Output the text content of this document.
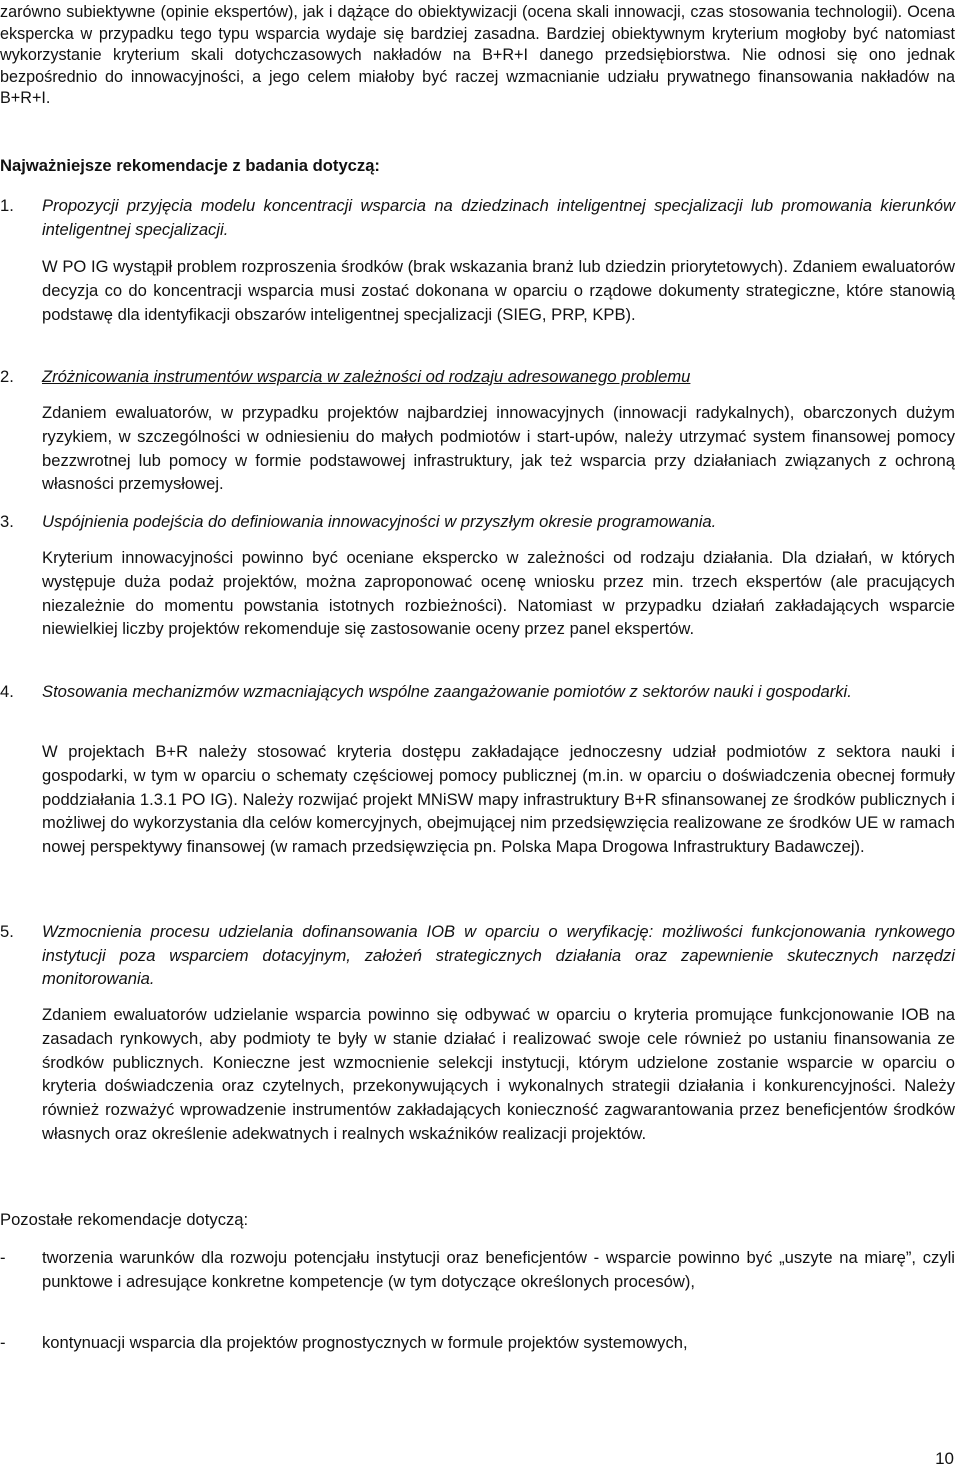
zarówno subiektywne (opinie ekspertów), jak i dążące do obiektywizacji (ocena skali innowacji, czas stosowania technologii). Ocena ekspercka w przypadku tego typu wsparcia wydaje się bardziej zasadna. Bardziej obiektywnym kryterium mogłoby być natomiast wykorzystanie kryterium skali dotychczasowych nakładów na B+R+I danego przedsiębiorstwa. Nie odnosi się ono jednak bezpośrednio do innowacyjności, a jego celem miałoby być raczej wzmacnianie udziału prywatnego finansowania nakładów na B+R+I.

Najważniejsze rekomendacje z badania dotyczą:

1. Propozycji przyjęcia modelu koncentracji wsparcia na dziedzinach inteligentnej specjalizacji lub promowania kierunków inteligentnej specjalizacji.

W PO IG wystąpił problem rozproszenia środków (brak wskazania branż lub dziedzin priorytetowych). Zdaniem ewaluatorów decyzja co do koncentracji wsparcia musi zostać dokonana w oparciu o rządowe dokumenty strategiczne, które stanowią podstawę dla identyfikacji obszarów inteligentnej specjalizacji (SIEG, PRP, KPB).

2. Zróżnicowania instrumentów wsparcia w zależności od rodzaju adresowanego problemu

Zdaniem ewaluatorów, w przypadku projektów najbardziej innowacyjnych (innowacji radykalnych), obarczonych dużym ryzykiem, w szczególności w odniesieniu do małych podmiotów i start-upów, należy utrzymać system finansowej pomocy bezzwrotnej lub pomocy w formie podstawowej infrastruktury, jak też wsparcia przy działaniach związanych z ochroną własności przemysłowej.

3. Uspójnienia podejścia do definiowania innowacyjności w przyszłym okresie programowania.

Kryterium innowacyjności powinno być oceniane eksperckо w zależności od rodzaju działania. Dla działań, w których występuje duża podaż projektów, można zaproponować ocenę wniosku przez min. trzech ekspertów (ale pracujących niezależnie do momentu powstania istotnych rozbieżności). Natomiast w przypadku działań zakładających wsparcie niewielkiej liczby projektów rekomenduje się zastosowanie oceny przez panel ekspertów.

4. Stosowania mechanizmów wzmacniających wspólne zaangażowanie pomiotów z sektorów nauki i gospodarki.

W projektach B+R należy stosować kryteria dostępu zakładające jednoczesny udział podmiotów z sektora nauki i gospodarki, w tym w oparciu o schematy częściowej pomocy publicznej (m.in. w oparciu o doświadczenia obecnej formuły poddziałania 1.3.1 PO IG). Należy rozwijać projekt MNiSW mapy infrastruktury B+R sfinansowanej ze środków publicznych i możliwej do wykorzystania dla celów komercyjnych, obejmującej nim przedsięwzięcia realizowane ze środków UE w ramach nowej perspektywy finansowej (w ramach przedsięwzięcia pn. Polska Mapa Drogowa Infrastruktury Badawczej).

5. Wzmocnienia procesu udzielania dofinansowania IOB w oparciu o weryfikację: możliwości funkcjonowania rynkowego instytucji poza wsparciem dotacyjnym, założeń strategicznych działania oraz zapewnienie skutecznych narzędzi monitorowania.

Zdaniem ewaluatorów udzielanie wsparcia powinno się odbywać w oparciu o kryteria promujące funkcjonowanie IOB na zasadach rynkowych, aby podmioty te były w stanie działać i realizować swoje cele również po ustaniu finansowania ze środków publicznych. Konieczne jest wzmocnienie selekcji instytucji, którym udzielone zostanie wsparcie w oparciu o kryteria doświadczenia oraz czytelnych, przekonywujących i wykonalnych strategii działania i konkurencyjności. Należy również rozważyć wprowadzenie instrumentów zakładających konieczność zagwarantowania przez beneficjentów środków własnych oraz określenie adekwatnych i realnych wskaźników realizacji projektów.

Pozostałe rekomendacje dotyczą:

- tworzenia warunków dla rozwoju potencjału instytucji oraz beneficjentów - wsparcie powinno być „uszyte na miarę”, czyli punktowe i adresujące konkretne kompetencje (w tym dotyczące określonych procesów),

- kontynuacji wsparcia dla projektów prognostycznych w formule projektów systemowych,

10
